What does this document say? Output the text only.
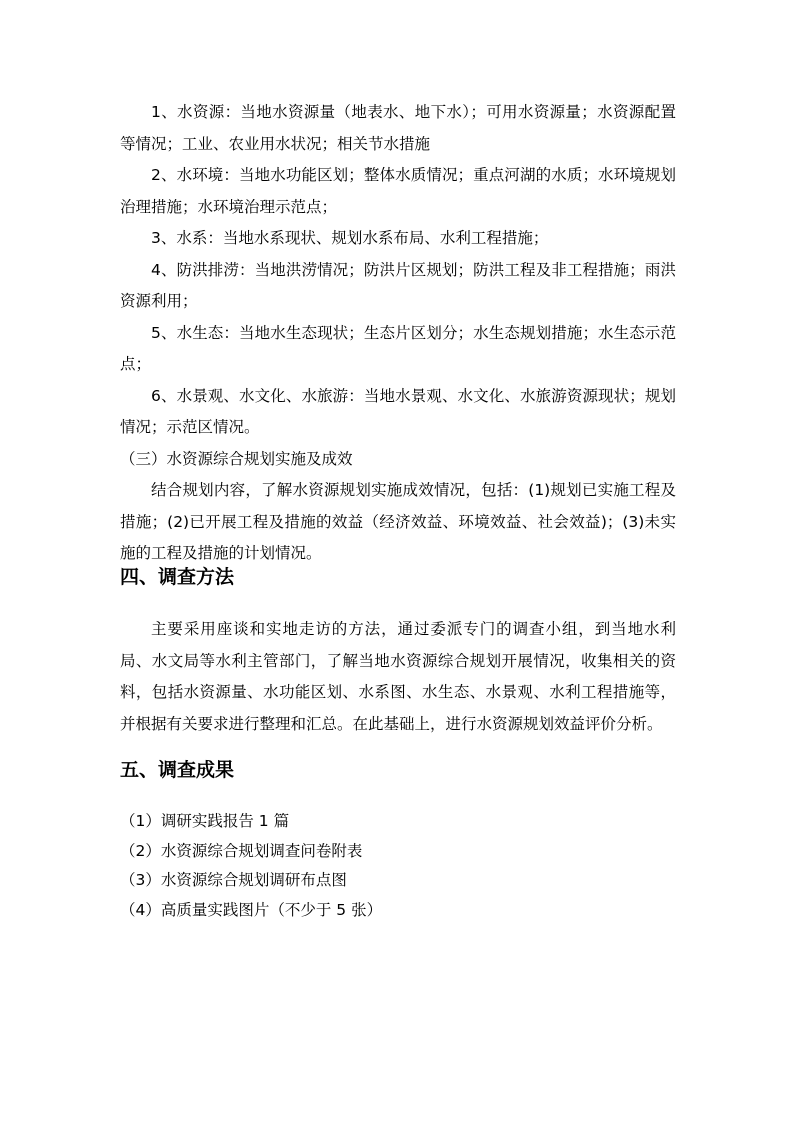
1、水资源：当地水资源量（地表水、地下水）；可用水资源量；水资源配置等情况；工业、农业用水状况；相关节水措施

2、水环境：当地水功能区划；整体水质情况；重点河湖的水质；水环境规划治理措施；水环境治理示范点；

3、水系：当地水系现状、规划水系布局、水利工程措施；

4、防洪排涝：当地洪涝情况；防洪片区规划；防洪工程及非工程措施；雨洪资源利用；

5、水生态：当地水生态现状；生态片区划分；水生态规划措施；水生态示范点；

6、水景观、水文化、水旅游：当地水景观、水文化、水旅游资源现状；规划情况；示范区情况。

（三）水资源综合规划实施及成效

结合规划内容，了解水资源规划实施成效情况，包括：(1)规划已实施工程及措施；(2)已开展工程及措施的效益（经济效益、环境效益、社会效益)；(3)未实施的工程及措施的计划情况。

四、调查方法

主要采用座谈和实地走访的方法，通过委派专门的调查小组，到当地水利局、水文局等水利主管部门，了解当地水资源综合规划开展情况，收集相关的资料，包括水资源量、水功能区划、水系图、水生态、水景观、水利工程措施等，并根据有关要求进行整理和汇总。在此基础上，进行水资源规划效益评价分析。

五、调查成果
（1）调研实践报告 1 篇
（2）水资源综合规划调查问卷附表
（3）水资源综合规划调研布点图
（4）高质量实践图片（不少于 5 张）
